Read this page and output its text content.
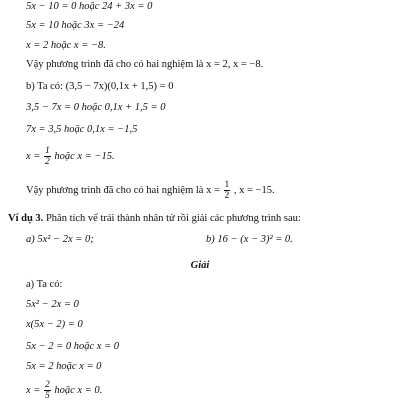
5x − 10 = 0 hoặc 24 + 3x = 0
5x = 10 hoặc 3x = −24
x = 2 hoặc x = −8.
Vậy phương trình đã cho có hai nghiệm là x = 2, x = −8.
b) Ta có: (3,5 − 7x)(0,1x + 1,5) = 0
3,5 − 7x = 0 hoặc 0,1x + 1,5 = 0
7x = 3,5 hoặc 0,1x = −1,5
$x = \frac{1}{2}$ hoặc x = −15.
Vậy phương trình đã cho có hai nghiệm là $x = \frac{1}{2}$ , x = −15.
Ví dụ 3. Phân tích vế trái thành nhân tử rồi giải các phương trình sau:
a) 5x² − 2x = 0;	b) 16 − (x − 3)² = 0.
Giải
a) Ta có:
5x² − 2x = 0
x(5x − 2) = 0
5x − 2 = 0 hoặc x = 0
5x = 2 hoặc x = 0
$x = \frac{2}{5}$ hoặc x = 0.
